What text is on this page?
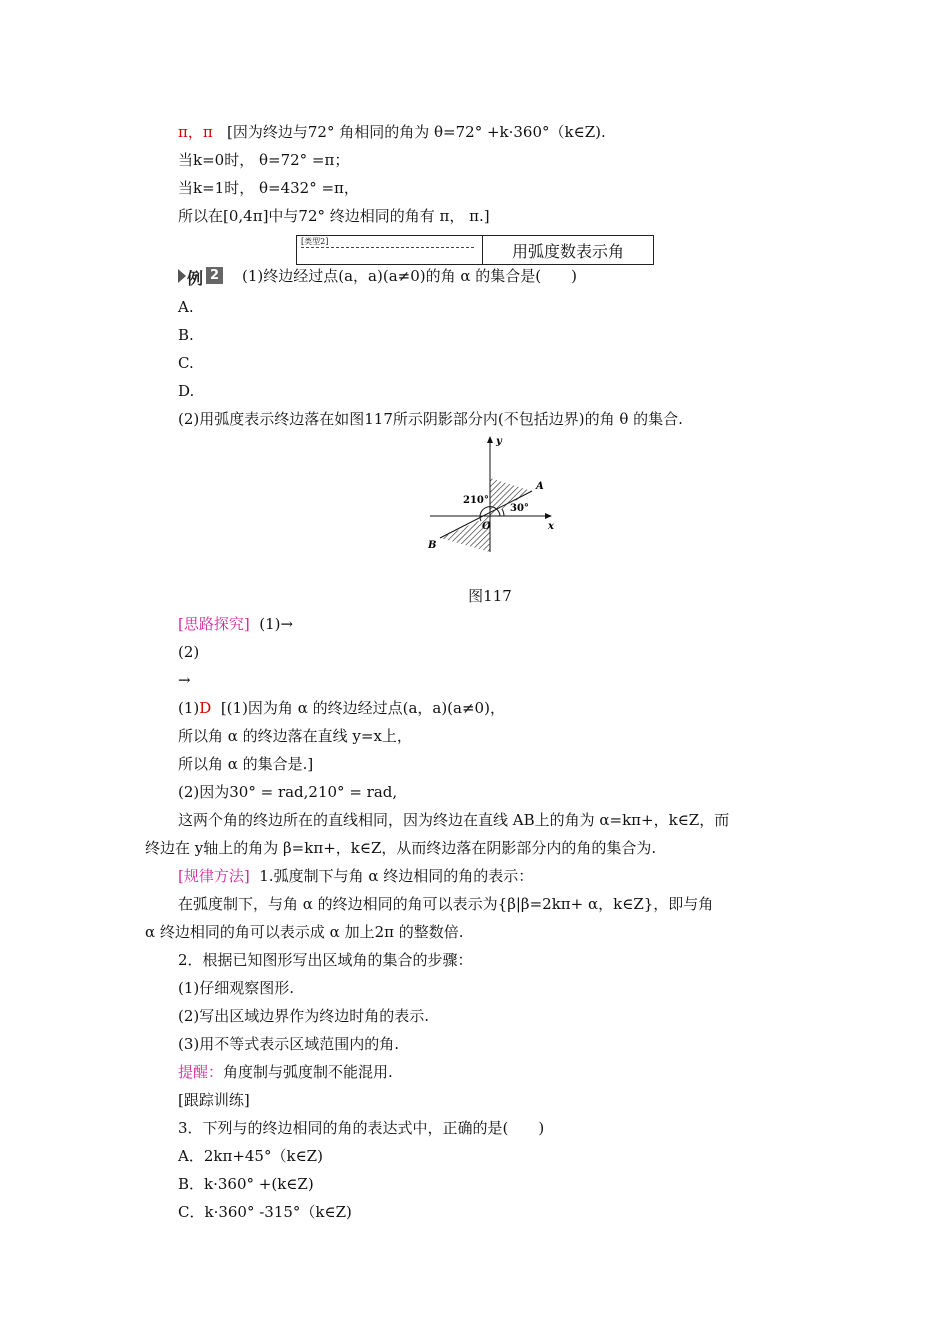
π，π [因为终边与72° 角相同的角为 θ=72° +k·360°（k∈Z).
当k=0时， θ=72° =π；
当k=1时， θ=432° =π，
所以在[0,4π]中与72° 终边相同的角有 π， π.]
[类型2]
用弧度数表示角
例 2 (1)终边经过点(a，a)(a≠0)的角 α 的集合是(　　)
A.
B.
C.
D.
(2)用弧度表示终边落在如图117所示阴影部分内(不包括边界)的角 θ 的集合.
y
x
O
A
B
210°
30°
图117
[思路探究] (1)→
(2)
→
(1)D [(1)因为角 α 的终边经过点(a，a)(a≠0)，
所以角 α 的终边落在直线 y=x上，
所以角 α 的集合是.]
(2)因为30° = rad,210° = rad,
这两个角的终边所在的直线相同，因为终边在直线 AB上的角为 α=kπ+，k∈Z，而
终边在 y轴上的角为 β=kπ+，k∈Z，从而终边落在阴影部分内的角的集合为.
[规律方法] 1.弧度制下与角 α 终边相同的角的表示：
在弧度制下，与角 α 的终边相同的角可以表示为{β|β=2kπ+ α，k∈Z}，即与角
α 终边相同的角可以表示成 α 加上2π 的整数倍.
2．根据已知图形写出区域角的集合的步骤：
(1)仔细观察图形.
(2)写出区域边界作为终边时角的表示.
(3)用不等式表示区域范围内的角.
提醒：角度制与弧度制不能混用.
[跟踪训练]
3．下列与的终边相同的角的表达式中，正确的是(　　)
A．2kπ+45°（k∈Z)
B．k·360° +(k∈Z)
C．k·360° -315°（k∈Z)
